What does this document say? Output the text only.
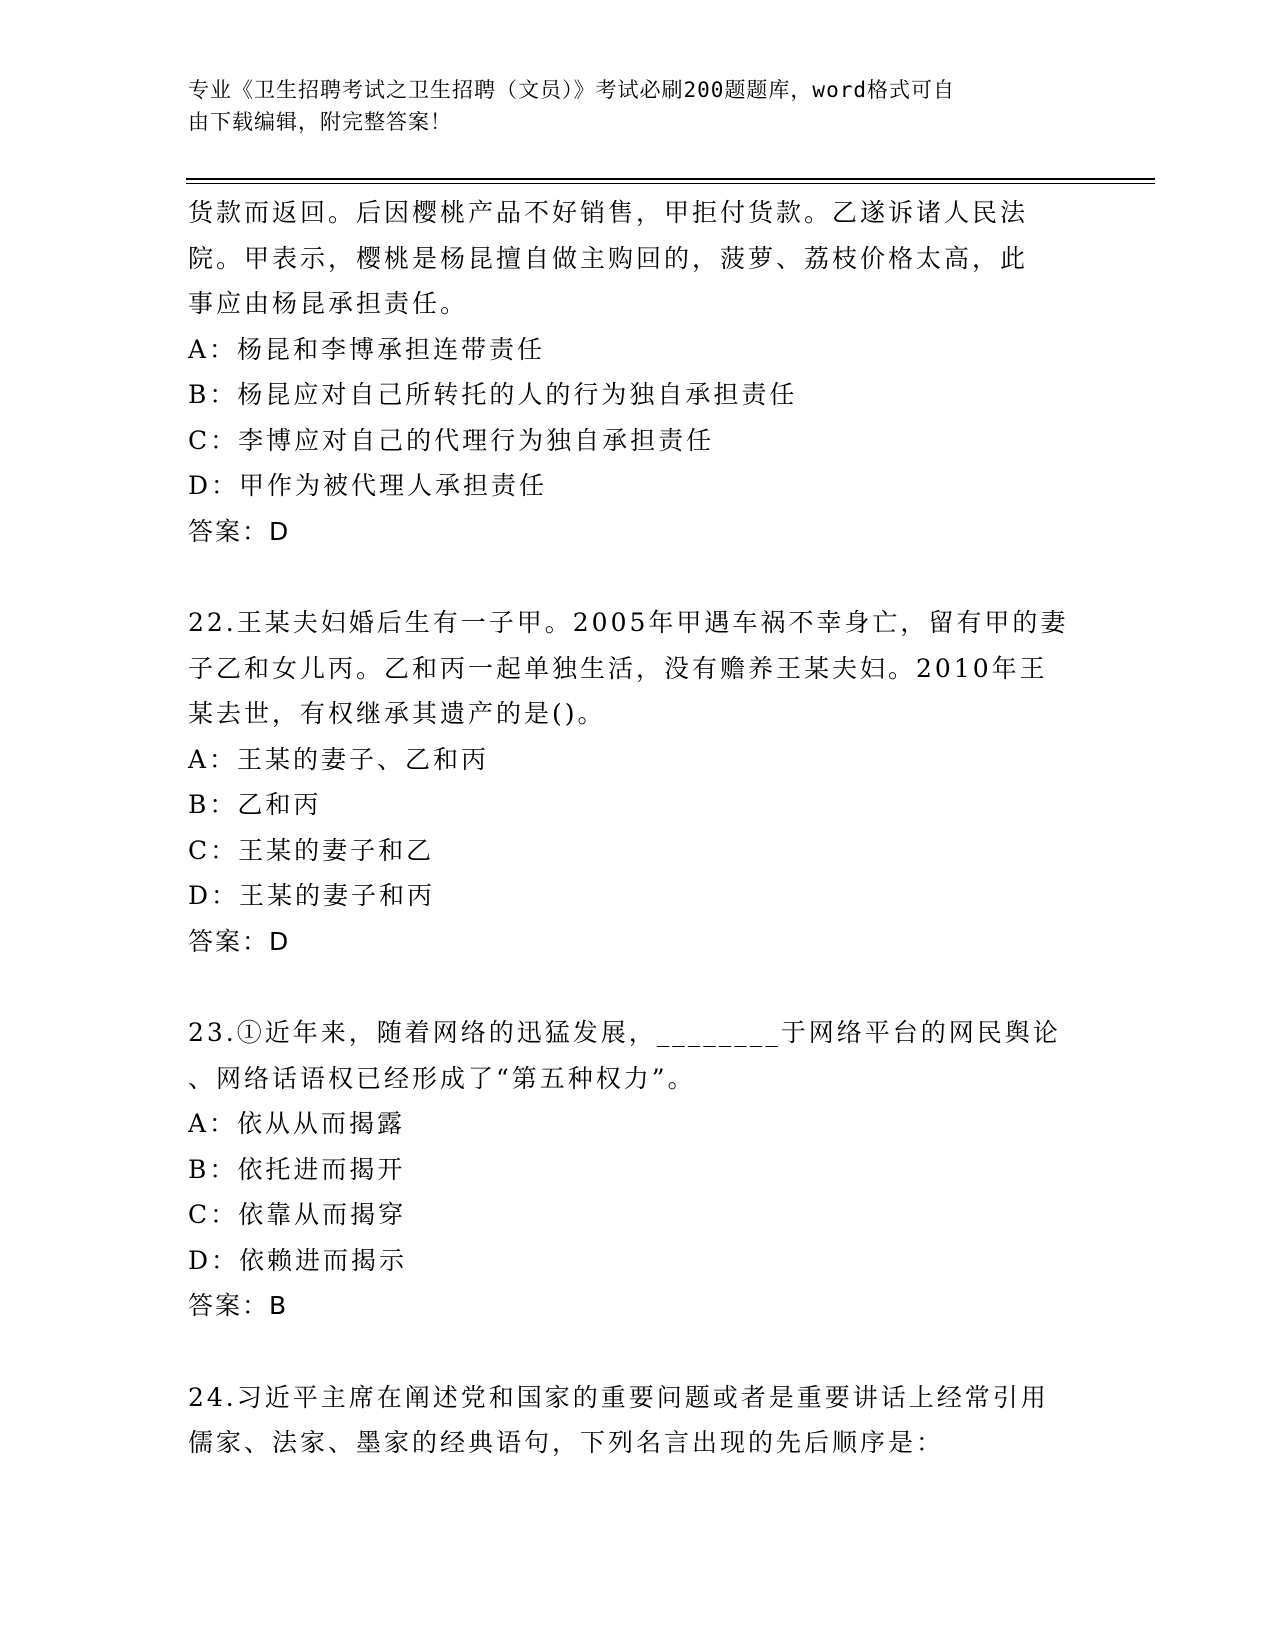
专业《卫生招聘考试之卫生招聘（文员）》考试必刷200题题库，word格式可自
由下载编辑，附完整答案！
货款而返回。后因樱桃产品不好销售，甲拒付货款。乙遂诉诸人民法
院。甲表示，樱桃是杨昆擅自做主购回的，菠萝、荔枝价格太高，此
事应由杨昆承担责任。
A：杨昆和李博承担连带责任
B：杨昆应对自己所转托的人的行为独自承担责任
C：李博应对自己的代理行为独自承担责任
D：甲作为被代理人承担责任
答案：D
22.王某夫妇婚后生有一子甲。2005年甲遇车祸不幸身亡，留有甲的妻
子乙和女儿丙。乙和丙一起单独生活，没有赡养王某夫妇。2010年王
某去世，有权继承其遗产的是()。
A：王某的妻子、乙和丙
B：乙和丙
C：王某的妻子和乙
D：王某的妻子和丙
答案：D
23.①近年来，随着网络的迅猛发展，________于网络平台的网民舆论
、网络话语权已经形成了“第五种权力”。
A：依从从而揭露
B：依托进而揭开
C：依靠从而揭穿
D：依赖进而揭示
答案：B
24.习近平主席在阐述党和国家的重要问题或者是重要讲话上经常引用
儒家、法家、墨家的经典语句，下列名言出现的先后顺序是：
